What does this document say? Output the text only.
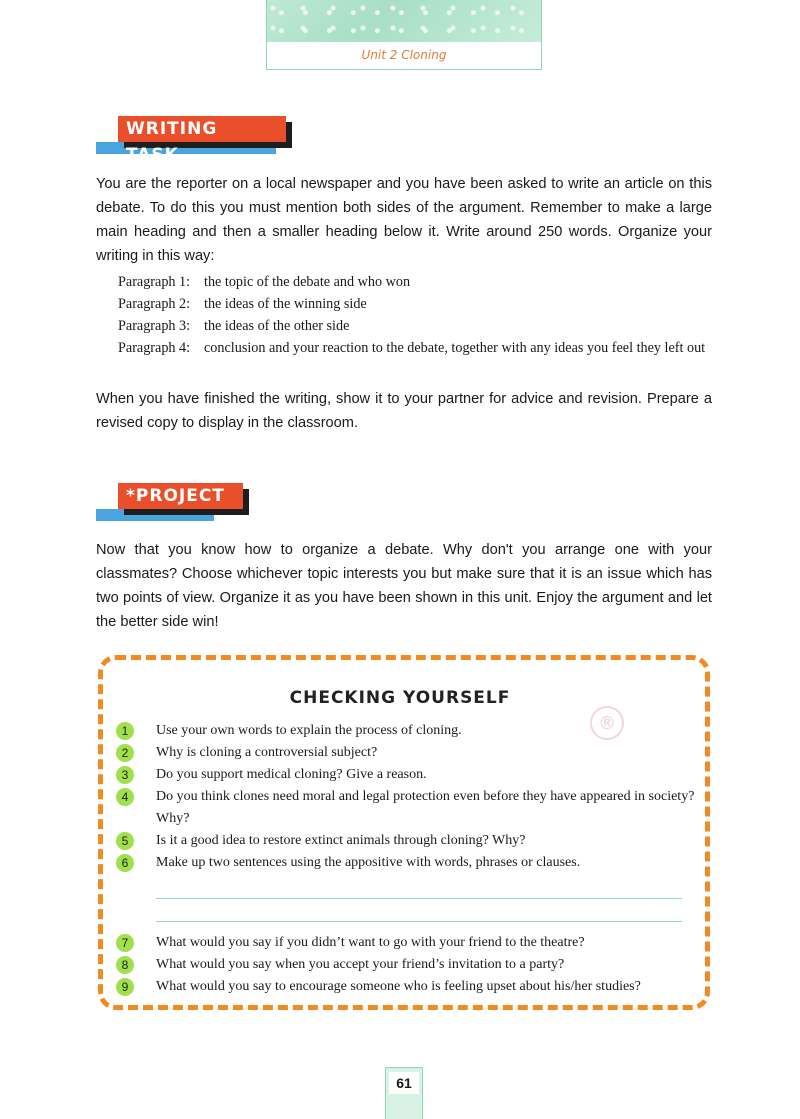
Unit 2 Cloning
WRITING TASK

You are the reporter on a local newspaper and you have been asked to write an article on this debate. To do this you must mention both sides of the argument. Remember to make a large main heading and then a smaller heading below it. Write around 250 words. Organize your writing in this way:

Paragraph 1: the topic of the debate and who won
Paragraph 2: the ideas of the winning side
Paragraph 3: the ideas of the other side
Paragraph 4: conclusion and your reaction to the debate, together with any ideas you feel they left out

When you have finished the writing, show it to your partner for advice and revision. Prepare a revised copy to display in the classroom.

*PROJECT

Now that you know how to organize a debate. Why don't you arrange one with your classmates? Choose whichever topic interests you but make sure that it is an issue which has two points of view. Organize it as you have been shown in this unit. Enjoy the argument and let the better side win!

CHECKING YOURSELF
®
1	Use your own words to explain the process of cloning.
2	Why is cloning a controversial subject?
3	Do you support medical cloning? Give a reason.
4	Do you think clones need moral and legal protection even before they have appeared in society? Why?
5	Is it a good idea to restore extinct animals through cloning? Why?
6	Make up two sentences using the appositive with words, phrases or clauses.
7	What would you say if you didn’t want to go with your friend to the theatre?
8	What would you say when you accept your friend’s invitation to a party?
9	What would you say to encourage someone who is feeling upset about his/her studies?
61
